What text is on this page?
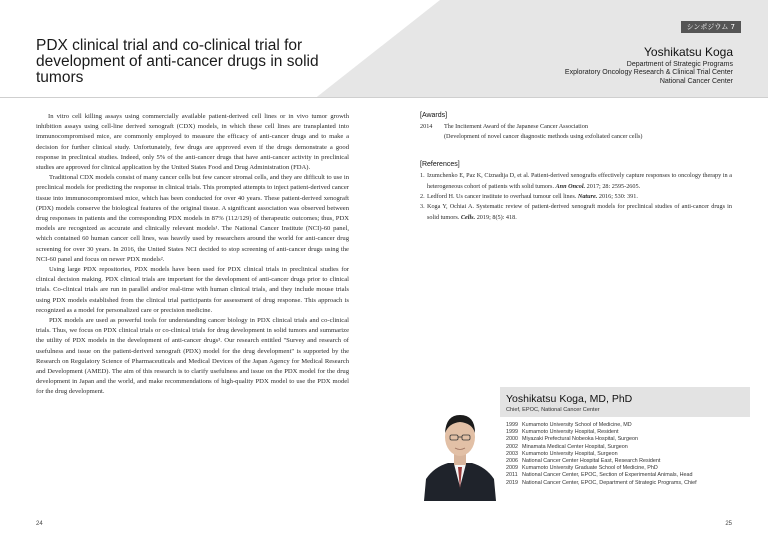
PDX clinical trial and co-clinical trial for development of anti-cancer drugs in solid tumors
シンポジウム 7
Yoshikatsu Koga
Department of Strategic Programs
Exploratory Oncology Research & Clinical Trial Center
National Cancer Center

In vitro cell killing assays using commercially available patient-derived cell lines or in vivo tumor growth inhibition assays using cell-line derived xenograft (CDX) models, in which these cell lines are transplanted into immunocompromised mice, are commonly employed to measure the efficacy of anti-cancer drugs and to make a decision for further clinical study. Unfortunately, few drugs are approved even if the drugs demonstrate a good response in preclinical studies. Indeed, only 5% of the anti-cancer drugs that have anti-cancer activity in preclinical studies are approved for clinical application by the United States Food and Drug Administration (FDA).

Traditional CDX models consist of many cancer cells but few cancer stromal cells, and they are difficult to use in preclinical models for predicting the response in clinical trials. This prompted attempts to inject patient-derived cancer tissue into immunocompromised mice, which has been conducted for over 40 years. These patient-derived xenograft (PDX) models conserve the biological features of the original tissue. A significant association was observed between drug responses in patients and the corresponding PDX models in 87% (112/129) of therapeutic outcomes; thus, PDX models are recognized as accurate and clinically relevant models¹. The National Cancer Institute (NCI)-60 panel, which contained 60 human cancer cell lines, was heavily used by researchers around the world for anti-cancer drug screening for over 30 years. In 2016, the United States NCI decided to stop screening of anti-cancer drugs using the NCI-60 panel and focus on newer PDX models².

Using large PDX repositories, PDX models have been used for PDX clinical trials in preclinical studies for clinical decision making. PDX clinical trials are important for the development of anti-cancer drugs prior to clinical trials. Co-clinical trials are run in parallel and/or real-time with human clinical trials, and they include mouse trials using PDX models established from the clinical trial participants for assessment of drug response. This approach is recognized as a model for personalized care or precision medicine.

PDX models are used as powerful tools for understanding cancer biology in PDX clinical trials and co-clinical trials. Thus, we focus on PDX clinical trials or co-clinical trials for drug development in solid tumors and summarize the utility of PDX models in the development of anti-cancer drugs³. Our research entitled "Survey and research of usefulness and issue on the patient-derived xenograft (PDX) model for the drug development" is supported by the Research on Regulatory Science of Pharmaceuticals and Medical Devices of the Japan Agency for Medical Research and Development (AMED). The aim of this research is to clarify usefulness and issue on the PDX model for the drug development in Japan and the world, and make recommendations of high-quality PDX model to use the PDX model for the drug development.

[Awards]
2014	The Incitement Award of the Japanese Cancer Association
(Development of novel cancer diagnostic methods using exfoliated cancer cells)
[References]
1. Izumchenko E, Paz K, Ciznadija D, et al. Patient-derived xenografts effectively capture responses to oncology therapy in a heterogeneous cohort of patients with solid tumors. Ann Oncol. 2017; 28: 2595-2605.
2. Ledford H. Us cancer institute to overhaul tumour cell lines. Nature. 2016; 530: 391.
3. Koga Y, Ochiai A. Systematic review of patient-derived xenograft models for preclinical studies of anti-cancer drugs in solid tumors. Cells. 2019; 8(5): 418.
Yoshikatsu Koga, MD, PhD
Chief, EPOC, National Cancer Center
1999 Kumamoto University School of Medicine, MD
1999 Kumamoto University Hospital, Resident
2000 Miyazaki Prefectural Nobeoka Hospital, Surgeon
2002 Minamata Medical Center Hospital, Surgeon
2003 Kumamoto University Hospital, Surgeon
2006 National Cancer Center Hospital East, Research Resident
2009 Kumamoto University Graduate School of Medicine, PhD
2011 National Cancer Center, EPOC, Section of Experimental Animals, Head
2019 National Cancer Center, EPOC, Department of Strategic Programs, Chief
24	25
